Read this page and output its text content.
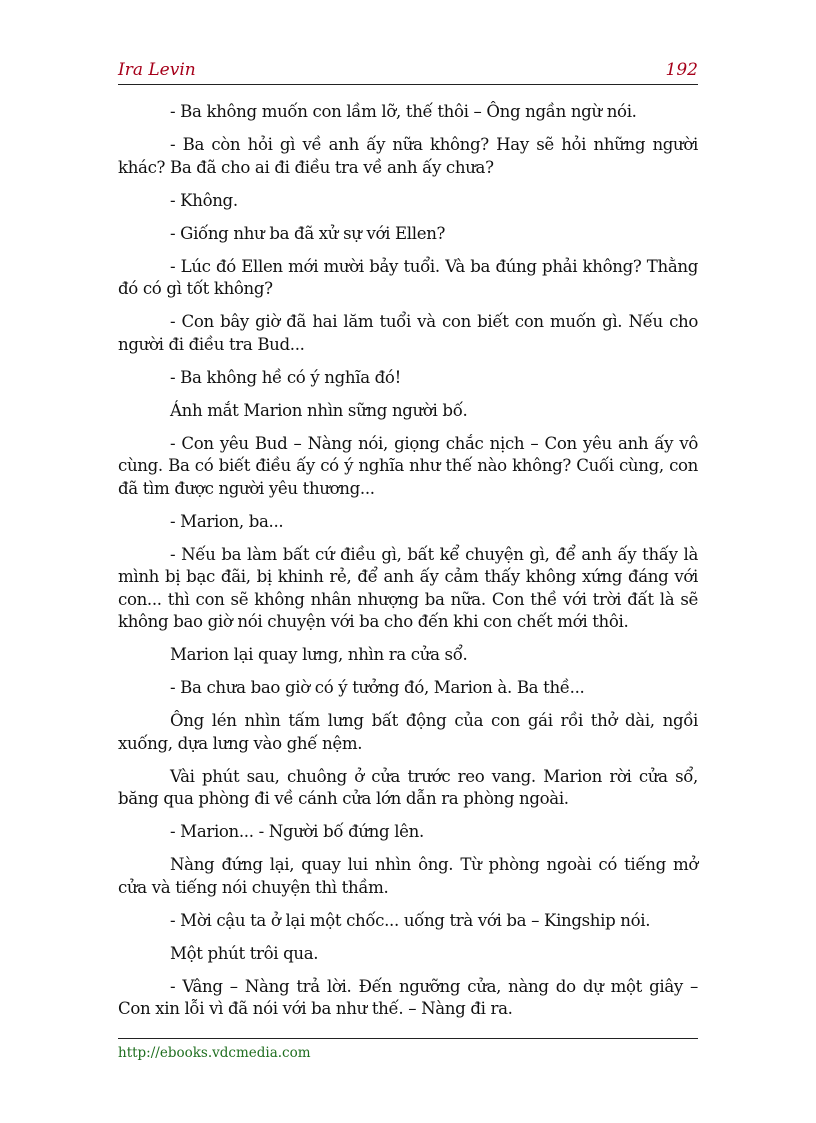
Ira Levin	192

- Ba không muốn con lầm lỡ, thế thôi – Ông ngần ngừ nói.

- Ba còn hỏi gì về anh ấy nữa không? Hay sẽ hỏi những người khác? Ba đã cho ai đi điều tra về anh ấy chưa?

- Không.

- Giống như ba đã xử sự với Ellen?

- Lúc đó Ellen mới mười bảy tuổi. Và ba đúng phải không? Thằng đó có gì tốt không?

- Con bây giờ đã hai lăm tuổi và con biết con muốn gì. Nếu cho người đi điều tra Bud...

- Ba không hề có ý nghĩa đó!

Ánh mắt Marion nhìn sững người bố.

- Con yêu Bud – Nàng nói, giọng chắc nịch – Con yêu anh ấy vô cùng. Ba có biết điều ấy có ý nghĩa như thế nào không? Cuối cùng, con đã tìm được người yêu thương...

- Marion, ba...

- Nếu ba làm bất cứ điều gì, bất kể chuyện gì, để anh ấy thấy là mình bị bạc đãi, bị khinh rẻ, để anh ấy cảm thấy không xứng đáng với con... thì con sẽ không nhân nhượng ba nữa. Con thề với trời đất là sẽ không bao giờ nói chuyện với ba cho đến khi con chết mới thôi.

Marion lại quay lưng, nhìn ra cửa sổ.

- Ba chưa bao giờ có ý tưởng đó, Marion à. Ba thề...

Ông lén nhìn tấm lưng bất động của con gái rồi thở dài, ngồi xuống, dựa lưng vào ghế nệm.

Vài phút sau, chuông ở cửa trước reo vang. Marion rời cửa sổ, băng qua phòng đi về cánh cửa lớn dẫn ra phòng ngoài.

- Marion... - Người bố đứng lên.

Nàng đứng lại, quay lui nhìn ông. Từ phòng ngoài có tiếng mở cửa và tiếng nói chuyện thì thầm.

- Mời cậu ta ở lại một chốc... uống trà với ba – Kingship nói.

Một phút trôi qua.

- Vâng – Nàng trả lời. Đến ngưỡng cửa, nàng do dự một giây – Con xin lỗi vì đã nói với ba như thế. – Nàng đi ra.

http://ebooks.vdcmedia.com
